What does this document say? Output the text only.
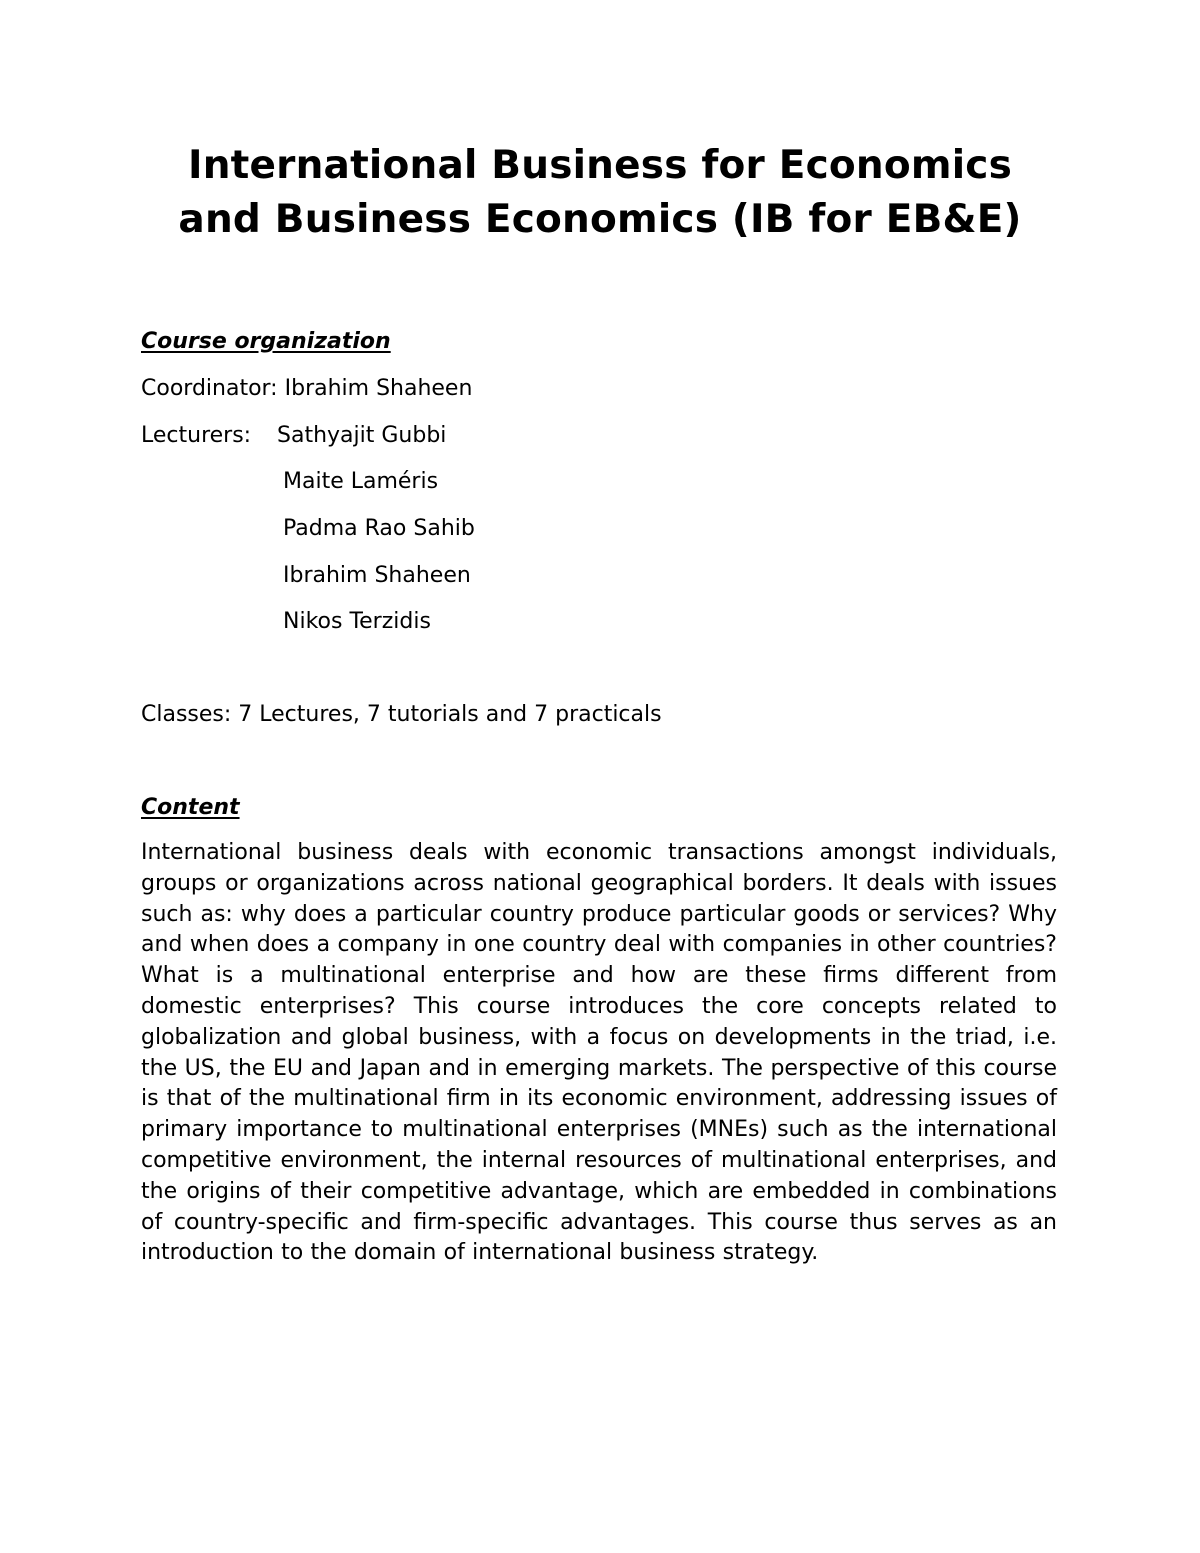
International Business for Economics
and Business Economics (IB for EB&E)
Course organization
Coordinator: Ibrahim Shaheen
Lecturers: Sathyajit Gubbi
Maite Laméris
Padma Rao Sahib
Ibrahim Shaheen
Nikos Terzidis
Classes: 7 Lectures, 7 tutorials and 7 practicals
Content
International business deals with economic transactions amongst individuals, groups or organizations across national geographical borders. It deals with issues such as: why does a particular country produce particular goods or services? Why and when does a company in one country deal with companies in other countries? What is a multinational enterprise and how are these firms different from domestic enterprises? This course introduces the core concepts related to globalization and global business, with a focus on developments in the triad, i.e. the US, the EU and Japan and in emerging markets. The perspective of this course is that of the multinational firm in its economic environment, addressing issues of primary importance to multinational enterprises (MNEs) such as the international competitive environment, the internal resources of multinational enterprises, and the origins of their competitive advantage, which are embedded in combinations of country-specific and firm-specific advantages. This course thus serves as an introduction to the domain of international business strategy.
